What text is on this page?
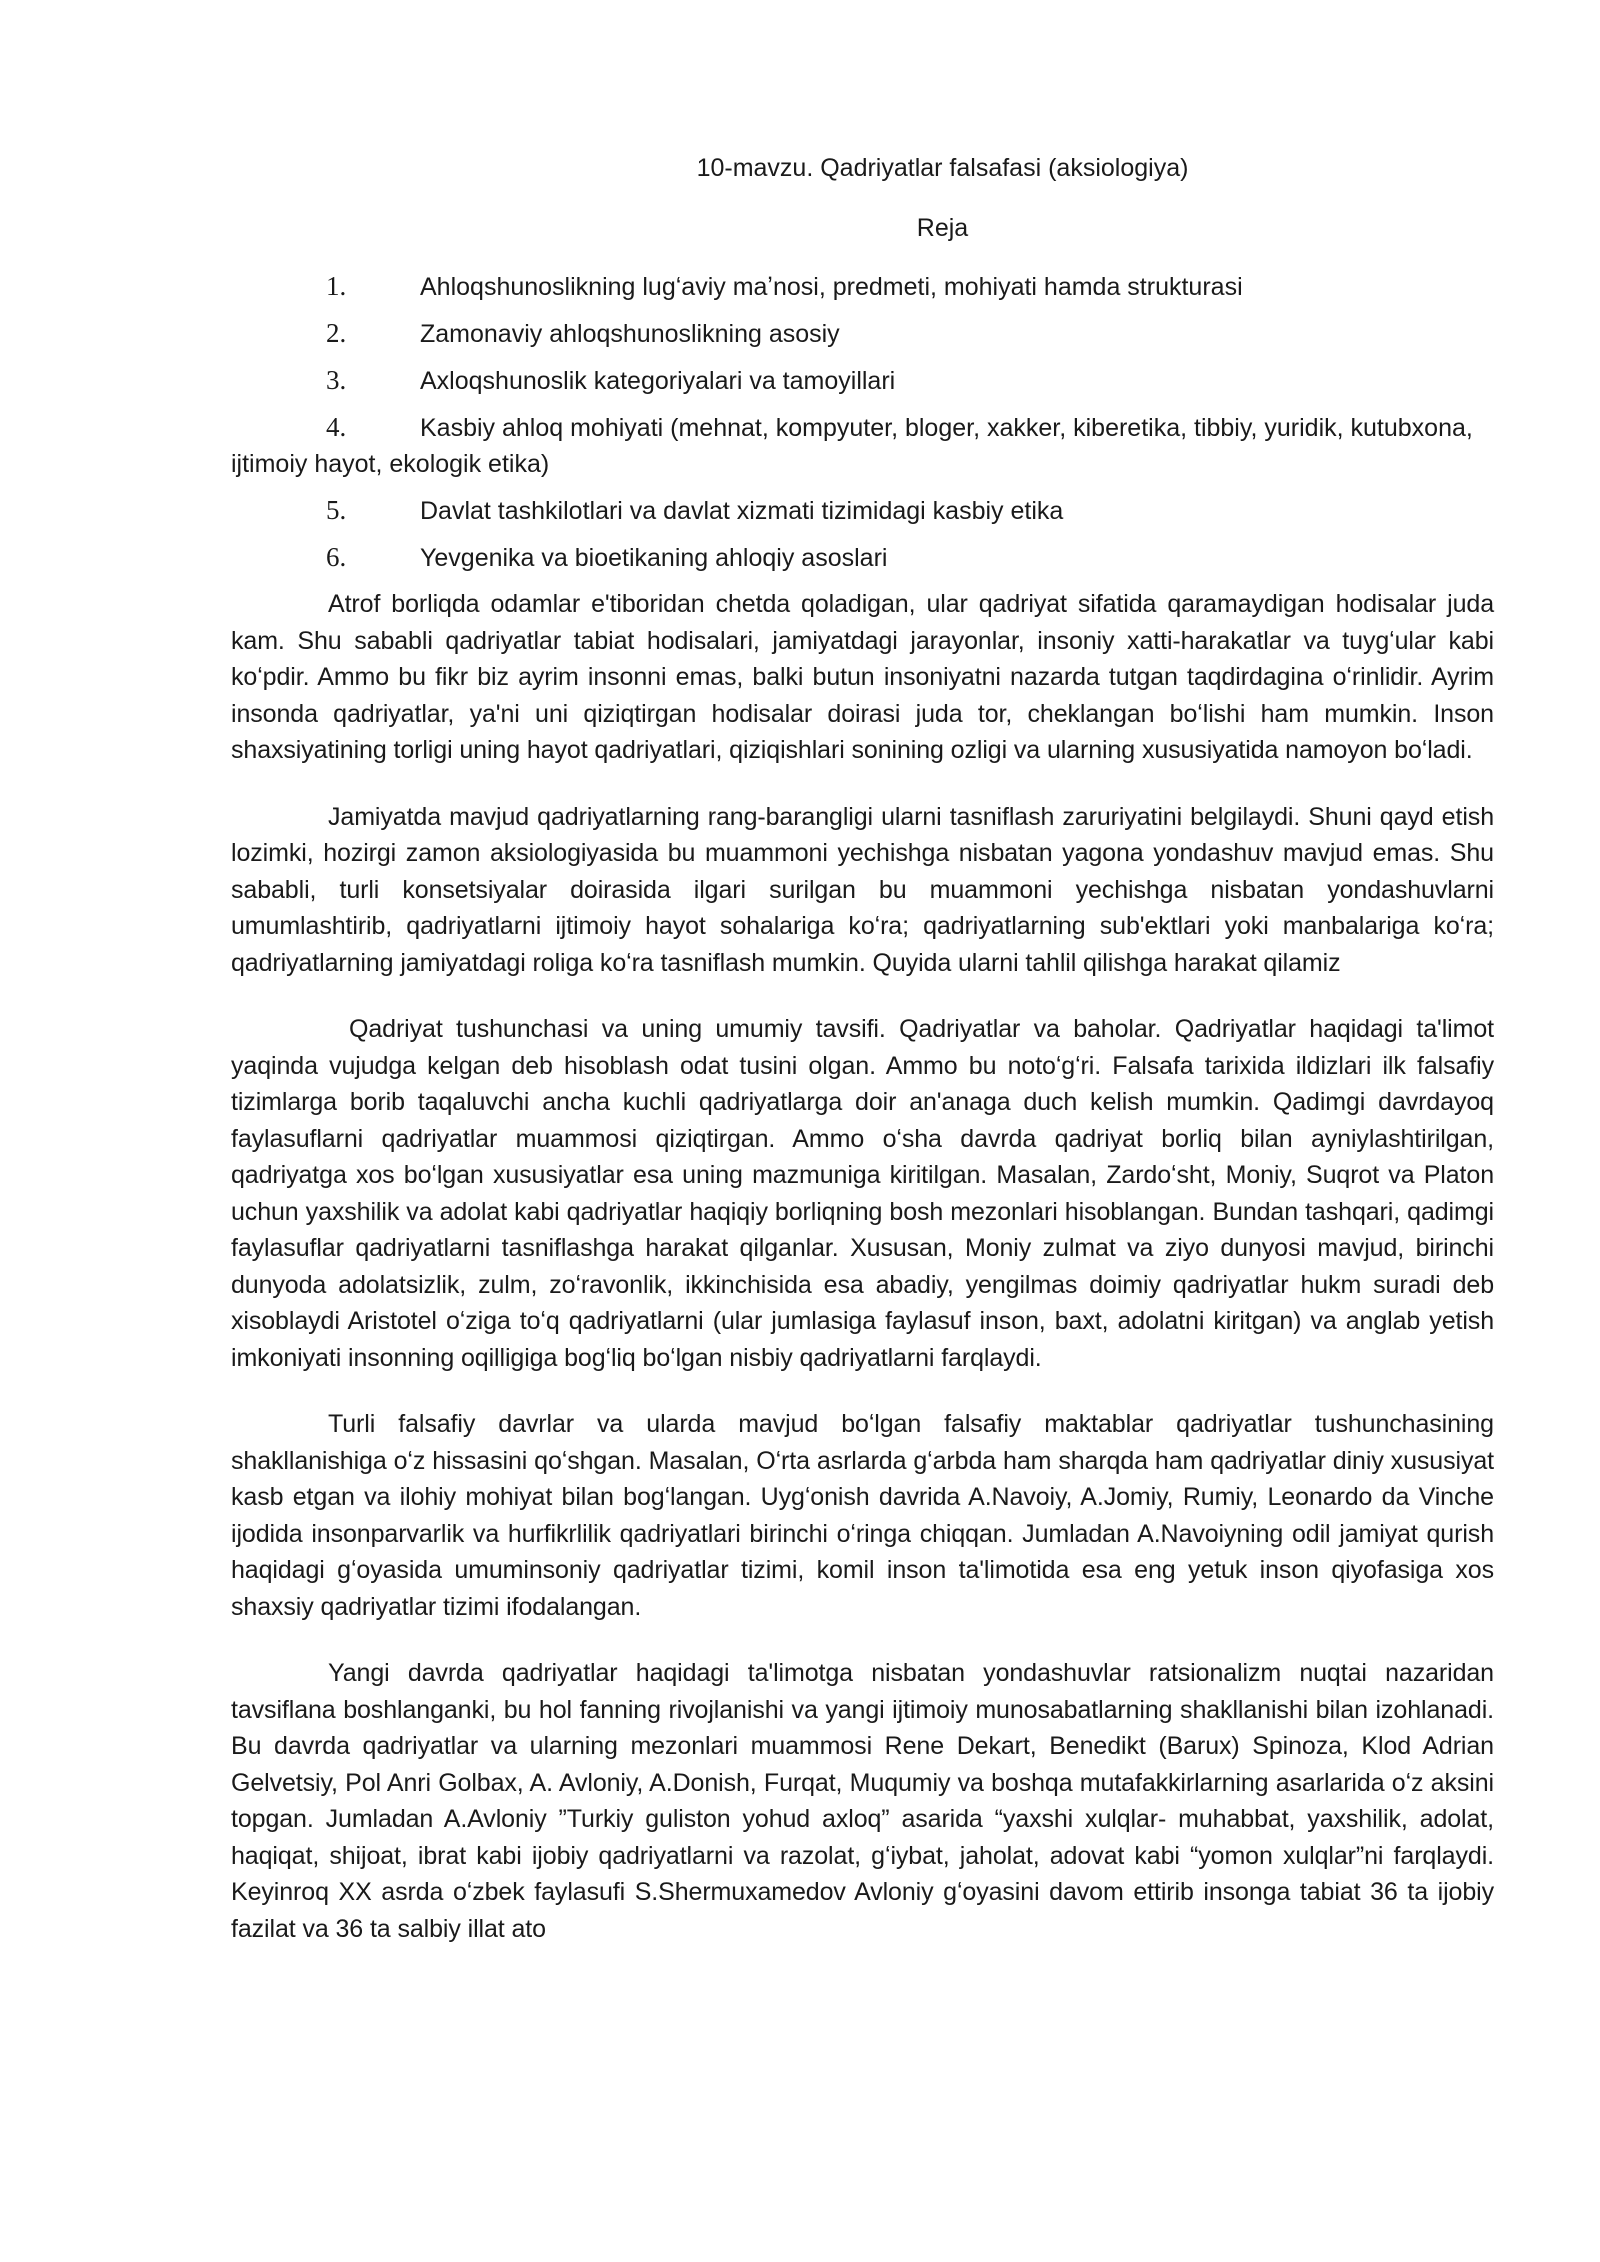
10-mavzu. Qadriyatlar falsafasi (aksiologiya)
Reja
1.	Ahloqshunoslikning lugʻaviy maʼnosi, predmeti, mohiyati hamda strukturasi
2.	Zamonaviy ahloqshunoslikning asosiy
3.	Axloqshunoslik kategoriyalari va tamoyillari
4.	Kasbiy ahloq mohiyati (mehnat, kompyuter, bloger, xakker, kiberetika, tibbiy, yuridik, kutubxona, ijtimoiy hayot, ekologik etika)
5.	Davlat tashkilotlari va davlat xizmati tizimidagi kasbiy etika
6.	Yevgenika va bioetikaning ahloqiy asoslari

Atrof borliqda odamlar e'tiboridan chetda qoladigan, ular qadriyat sifatida qaramaydigan hodisalar juda kam. Shu sababli qadriyatlar tabiat hodisalari, jamiyatdagi jarayonlar, insoniy xatti-harakatlar va tuygʻular kabi koʻpdir. Ammo bu fikr biz ayrim insonni emas, balki butun insoniyatni nazarda tutgan taqdirdagina oʻrinlidir. Ayrim insonda qadriyatlar, ya'ni uni qiziqtirgan hodisalar doirasi juda tor, cheklangan boʻlishi ham mumkin. Inson shaxsiyatining torligi uning hayot qadriyatlari, qiziqishlari sonining ozligi va ularning xususiyatida namoyon boʻladi.

Jamiyatda mavjud qadriyatlarning rang-barangligi ularni tasniflash zaruriyatini belgilaydi. Shuni qayd etish lozimki, hozirgi zamon aksiologiyasida bu muammoni yechishga nisbatan yagona yondashuv mavjud emas. Shu sababli, turli konsetsiyalar doirasida ilgari surilgan bu muammoni yechishga nisbatan yondashuvlarni umumlashtirib, qadriyatlarni ijtimoiy hayot sohalariga koʻra; qadriyatlarning sub'ektlari yoki manbalariga koʻra; qadriyatlarning jamiyatdagi roliga koʻra tasniflash mumkin. Quyida ularni tahlil qilishga harakat qilamiz

Qadriyat tushunchasi va uning umumiy tavsifi. Qadriyatlar va baholar. Qadriyatlar haqidagi ta'limot yaqinda vujudga kelgan deb hisoblash odat tusini olgan. Ammo bu notoʻgʻri. Falsafa tarixida ildizlari ilk falsafiy tizimlarga borib taqaluvchi ancha kuchli qadriyatlarga doir an'anaga duch kelish mumkin. Qadimgi davrdayoq faylasuflarni qadriyatlar muammosi qiziqtirgan. Ammo oʻsha davrda qadriyat borliq bilan ayniylashtirilgan, qadriyatga xos boʻlgan xususiyatlar esa uning mazmuniga kiritilgan. Masalan, Zardoʻsht, Moniy, Suqrot va Platon uchun yaxshilik va adolat kabi qadriyatlar haqiqiy borliqning bosh mezonlari hisoblangan. Bundan tashqari, qadimgi faylasuflar qadriyatlarni tasniflashga harakat qilganlar. Xususan, Moniy zulmat va ziyo dunyosi mavjud, birinchi dunyoda adolatsizlik, zulm, zoʻravonlik, ikkinchisida esa abadiy, yengilmas doimiy qadriyatlar hukm suradi deb xisoblaydi Aristotel oʻziga toʻq qadriyatlarni (ular jumlasiga faylasuf inson, baxt, adolatni kiritgan) va anglab yetish imkoniyati insonning oqilligiga bogʻliq boʻlgan nisbiy qadriyatlarni farqlaydi.

Turli falsafiy davrlar va ularda mavjud boʻlgan falsafiy maktablar qadriyatlar tushunchasining shakllanishiga oʻz hissasini qoʻshgan. Masalan, Oʻrta asrlarda gʻarbda ham sharqda ham qadriyatlar diniy xususiyat kasb etgan va ilohiy mohiyat bilan bogʻlangan. Uygʻonish davrida A.Navoiy, A.Jomiy, Rumiy, Leonardo da Vinche ijodida insonparvarlik va hurfikrlilik qadriyatlari birinchi oʻringa chiqqan. Jumladan A.Navoiyning odil jamiyat qurish haqidagi gʻoyasida umuminsoniy qadriyatlar tizimi, komil inson ta'limotida esa eng yetuk inson qiyofasiga xos shaxsiy qadriyatlar tizimi ifodalangan.

Yangi davrda qadriyatlar haqidagi ta'limotga nisbatan yondashuvlar ratsionalizm nuqtai nazaridan tavsiflana boshlanganki, bu hol fanning rivojlanishi va yangi ijtimoiy munosabatlarning shakllanishi bilan izohlanadi. Bu davrda qadriyatlar va ularning mezonlari muammosi Rene Dekart, Benedikt (Barux) Spinoza, Klod Adrian Gelvetsiy, Pol Anri Golbax, A. Avloniy, A.Donish, Furqat, Muqumiy va boshqa mutafakkirlarning asarlarida oʻz aksini topgan. Jumladan A.Avloniy ”Turkiy guliston yohud axloq” asarida “yaxshi xulqlar- muhabbat, yaxshilik, adolat, haqiqat, shijoat, ibrat kabi ijobiy qadriyatlarni va razolat, gʻiybat, jaholat, adovat kabi “yomon xulqlar”ni farqlaydi. Keyinroq XX asrda oʻzbek faylasufi S.Shermuxamedov Avloniy gʻoyasini davom ettirib insonga tabiat 36 ta ijobiy fazilat va 36 ta salbiy illat ato
